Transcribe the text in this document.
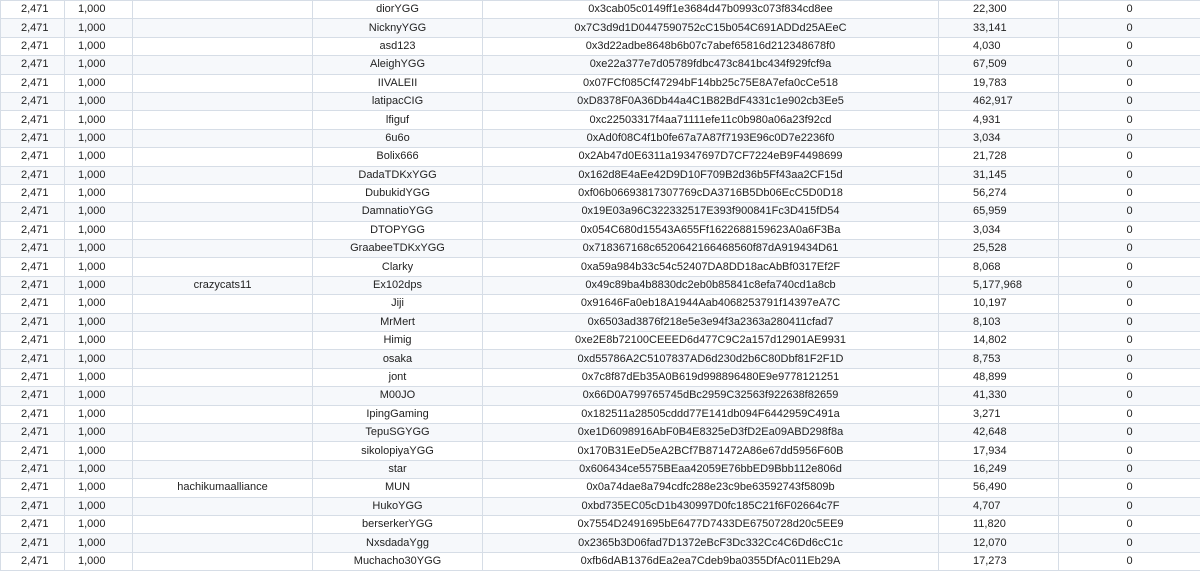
2,471	1,000		diorYGG	0x3cab05c0149ff1e3684d47b0993c073f834cd8ee	22,300	0
2,471	1,000		NicknyYGG	0x7C3d9d1D0447590752cC15b054C691ADDd25AEeC	33,141	0
2,471	1,000		asd123	0x3d22adbe8648b6b07c7abef65816d212348678f0	4,030	0
2,471	1,000		AleighYGG	0xe22a377e7d05789fdbc473c841bc434f929fcf9a	67,509	0
2,471	1,000		IIVALEII	0x07FCf085Cf47294bF14bb25c75E8A7efa0cCe518	19,783	0
2,471	1,000		latipacCIG	0xD8378F0A36Db44a4C1B82BdF4331c1e902cb3Ee5	462,917	0
2,471	1,000		lfiguf	0xc22503317f4aa71111efe11c0b980a06a23f92cd	4,931	0
2,471	1,000		6u6o	0xAd0f08C4f1b0fe67a7A87f7193E96c0D7e2236f0	3,034	0
2,471	1,000		Bolix666	0x2Ab47d0E6311a19347697D7CF7224eB9F4498699	21,728	0
2,471	1,000		DadaTDKxYGG	0x162d8E4aEe42D9D10F709B2d36b5Ff43aa2CF15d	31,145	0
2,471	1,000		DubukidYGG	0xf06b06693817307769cDA3716B5Db06EcC5D0D18	56,274	0
2,471	1,000		DamnatioYGG	0x19E03a96C322332517E393f900841Fc3D415fD54	65,959	0
2,471	1,000		DTOPYGG	0x054C680d15543A655Ff1622688159623A0a6F3Ba	3,034	0
2,471	1,000		GraabeeTDKxYGG	0x718367168c6520642166468560f87dA919434D61	25,528	0
2,471	1,000		Clarky	0xa59a984b33c54c52407DA8DD18acAbBf0317Ef2F	8,068	0
2,471	1,000	crazycats11	Ex102dps	0x49c89ba4b8830dc2eb0b85841c8efa740cd1a8cb	5,177,968	0
2,471	1,000		Jiji	0x91646Fa0eb18A1944Aab4068253791f14397eA7C	10,197	0
2,471	1,000		MrMert	0x6503ad3876f218e5e3e94f3a2363a280411cfad7	8,103	0
2,471	1,000		Himig	0xe2E8b72100CEEED6d477C9C2a157d12901AE9931	14,802	0
2,471	1,000		osaka	0xd55786A2C5107837AD6d230d2b6C80Dbf81F2F1D	8,753	0
2,471	1,000		jont	0x7c8f87dEb35A0B619d998896480E9e9778121251	48,899	0
2,471	1,000		M00JO	0x66D0A799765745dBc2959C32563f922638f82659	41,330	0
2,471	1,000		IpingGaming	0x182511a28505cddd77E141db094F6442959C491a	3,271	0
2,471	1,000		TepuSGYGG	0xe1D6098916AbF0B4E8325eD3fD2Ea09ABD298f8a	42,648	0
2,471	1,000		sikolopiyaYGG	0x170B31EeD5eA2BCf7B871472A86e67dd5956F60B	17,934	0
2,471	1,000		star	0x606434ce5575BEaa42059E76bbED9Bbb112e806d	16,249	0
2,471	1,000	hachikumaalliance	MUN	0x0a74dae8a794cdfc288e23c9be63592743f5809b	56,490	0
2,471	1,000		HukoYGG	0xbd735EC05cD1b430997D0fc185C21f6F02664c7F	4,707	0
2,471	1,000		berserkerYGG	0x7554D2491695bE6477D7433DE6750728d20c5EE9	11,820	0
2,471	1,000		NxsdadaYgg	0x2365b3D06fad7D1372eBcF3Dc332Cc4C6Dd6cC1c	12,070	0
2,471	1,000		Muchacho30YGG	0xfb6dAB1376dEa2ea7Cdeb9ba0355DfAc011Eb29A	17,273	0
